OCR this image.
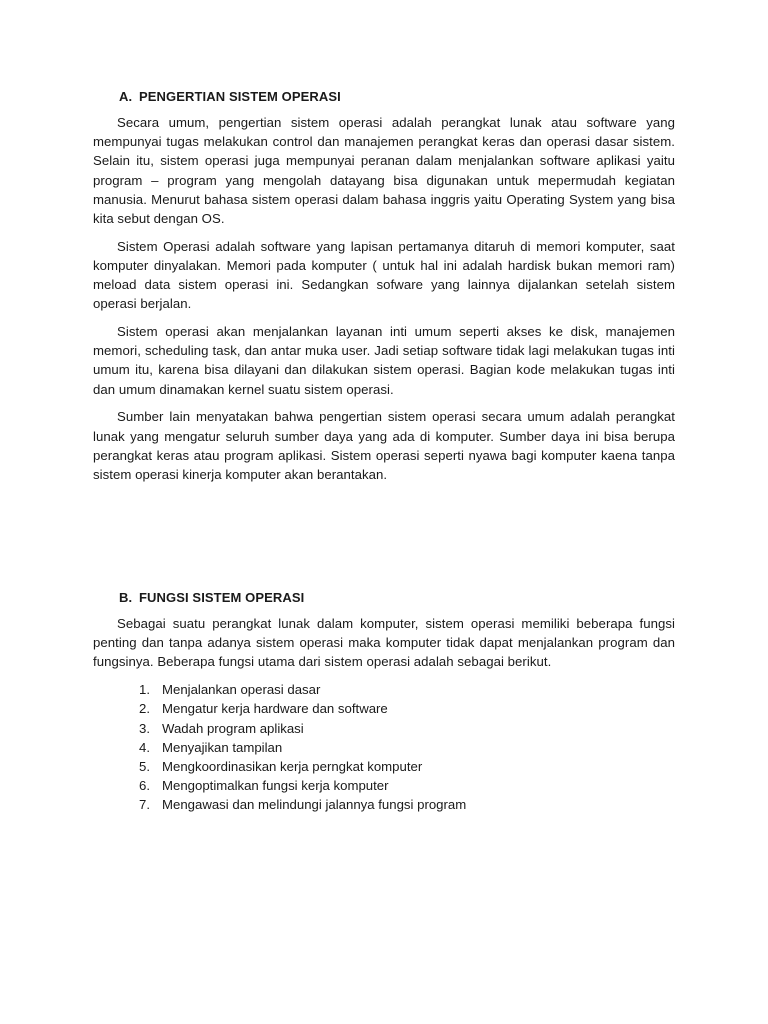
A. PENGERTIAN SISTEM OPERASI

Secara umum, pengertian sistem operasi adalah perangkat lunak atau software yang mempunyai tugas melakukan control dan manajemen perangkat keras dan operasi dasar sistem. Selain itu, sistem operasi juga mempunyai peranan dalam menjalankan software aplikasi yaitu program – program yang mengolah datayang bisa digunakan untuk mepermudah kegiatan manusia. Menurut bahasa sistem operasi dalam bahasa inggris yaitu Operating System yang bisa kita sebut dengan OS.

Sistem Operasi adalah software yang lapisan pertamanya ditaruh di memori komputer, saat komputer dinyalakan. Memori pada komputer ( untuk hal ini adalah hardisk bukan memori ram) meload data sistem operasi ini. Sedangkan sofware yang lainnya dijalankan setelah sistem operasi berjalan.

Sistem operasi akan menjalankan layanan inti umum seperti akses ke disk, manajemen memori, scheduling task, dan antar muka user. Jadi setiap software tidak lagi melakukan tugas inti umum itu, karena bisa dilayani dan dilakukan sistem operasi. Bagian kode melakukan tugas inti dan umum dinamakan kernel suatu sistem operasi.

Sumber lain menyatakan bahwa pengertian sistem operasi secara umum adalah perangkat lunak yang mengatur seluruh sumber daya yang ada di komputer. Sumber daya ini bisa berupa perangkat keras atau program aplikasi. Sistem operasi seperti nyawa bagi komputer kaena tanpa sistem operasi kinerja komputer akan berantakan.

B. FUNGSI SISTEM OPERASI

Sebagai suatu perangkat lunak dalam komputer, sistem operasi memiliki beberapa fungsi penting dan tanpa adanya sistem operasi maka komputer tidak dapat menjalankan program dan fungsinya. Beberapa fungsi utama dari sistem operasi adalah sebagai berikut.

1. Menjalankan operasi dasar
2. Mengatur kerja hardware dan software
3. Wadah program aplikasi
4. Menyajikan tampilan
5. Mengkoordinasikan kerja perngkat komputer
6. Mengoptimalkan fungsi kerja komputer
7. Mengawasi dan melindungi jalannya fungsi program
